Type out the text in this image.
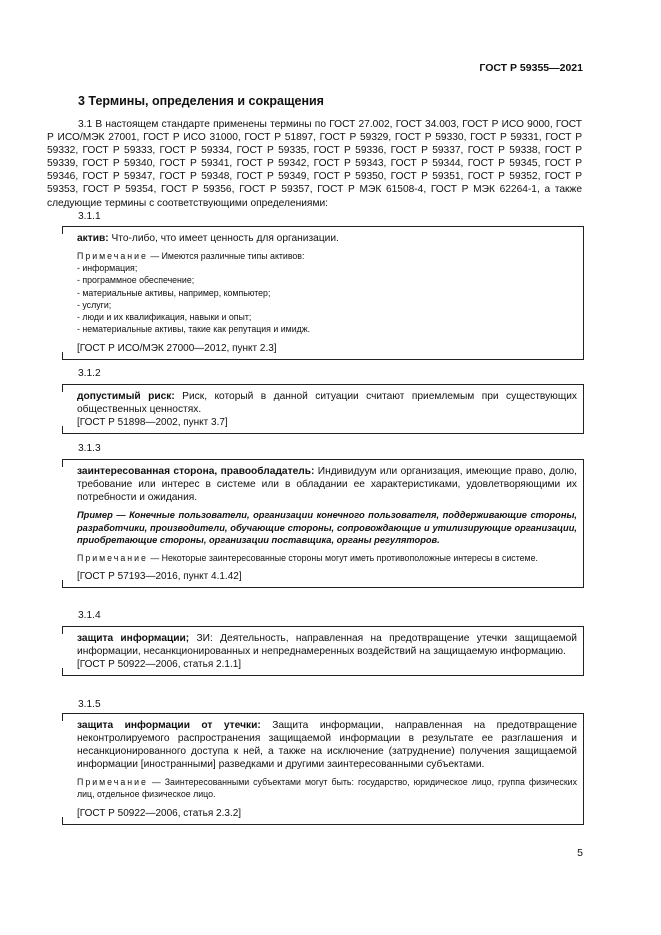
ГОСТ Р 59355—2021
3 Термины, определения и сокращения
3.1 В настоящем стандарте применены термины по ГОСТ 27.002, ГОСТ 34.003, ГОСТ Р ИСО 9000, ГОСТ Р ИСО/МЭК 27001, ГОСТ Р ИСО 31000, ГОСТ Р 51897, ГОСТ Р 59329, ГОСТ Р 59330, ГОСТ Р 59331, ГОСТ Р 59332, ГОСТ Р 59333, ГОСТ Р 59334, ГОСТ Р 59335, ГОСТ Р 59336, ГОСТ Р 59337, ГОСТ Р 59338, ГОСТ Р 59339, ГОСТ Р 59340, ГОСТ Р 59341, ГОСТ Р 59342, ГОСТ Р 59343, ГОСТ Р 59344, ГОСТ Р 59345, ГОСТ Р 59346, ГОСТ Р 59347, ГОСТ Р 59348, ГОСТ Р 59349, ГОСТ Р 59350, ГОСТ Р 59351, ГОСТ Р 59352, ГОСТ Р 59353, ГОСТ Р 59354, ГОСТ Р 59356, ГОСТ Р 59357, ГОСТ Р МЭК 61508-4, ГОСТ Р МЭК 62264-1, а также следующие термины с соответствующими определениями:
3.1.1
актив: Что-либо, что имеет ценность для организации.
Примечание — Имеются различные типы активов:
- информация;
- программное обеспечение;
- материальные активы, например, компьютер;
- услуги;
- люди и их квалификация, навыки и опыт;
- нематериальные активы, такие как репутация и имидж.
[ГОСТ Р ИСО/МЭК 27000—2012, пункт 2.3]
3.1.2
допустимый риск: Риск, который в данной ситуации считают приемлемым при существующих общественных ценностях.
[ГОСТ Р 51898—2002, пункт 3.7]
3.1.3
заинтересованная сторона, правообладатель: Индивидуум или организация, имеющие право, долю, требование или интерес в системе или в обладании ее характеристиками, удовлетворяющими их потребности и ожидания.
Пример — Конечные пользователи, организации конечного пользователя, поддерживающие стороны, разработчики, производители, обучающие стороны, сопровождающие и утилизирующие организации, приобретающие стороны, организации поставщика, органы регуляторов.
Примечание — Некоторые заинтересованные стороны могут иметь противоположные интересы в системе.
[ГОСТ Р 57193—2016, пункт 4.1.42]
3.1.4
защита информации; ЗИ: Деятельность, направленная на предотвращение утечки защищаемой информации, несанкционированных и непреднамеренных воздействий на защищаемую информацию.
[ГОСТ Р 50922—2006, статья 2.1.1]
3.1.5
защита информации от утечки: Защита информации, направленная на предотвращение неконтролируемого распространения защищаемой информации в результате ее разглашения и несанкционированного доступа к ней, а также на исключение (затруднение) получения защищаемой информации [иностранными] разведками и другими заинтересованными субъектами.
Примечание — Заинтересованными субъектами могут быть: государство, юридическое лицо, группа физических лиц, отдельное физическое лицо.
[ГОСТ Р 50922—2006, статья 2.3.2]
5
